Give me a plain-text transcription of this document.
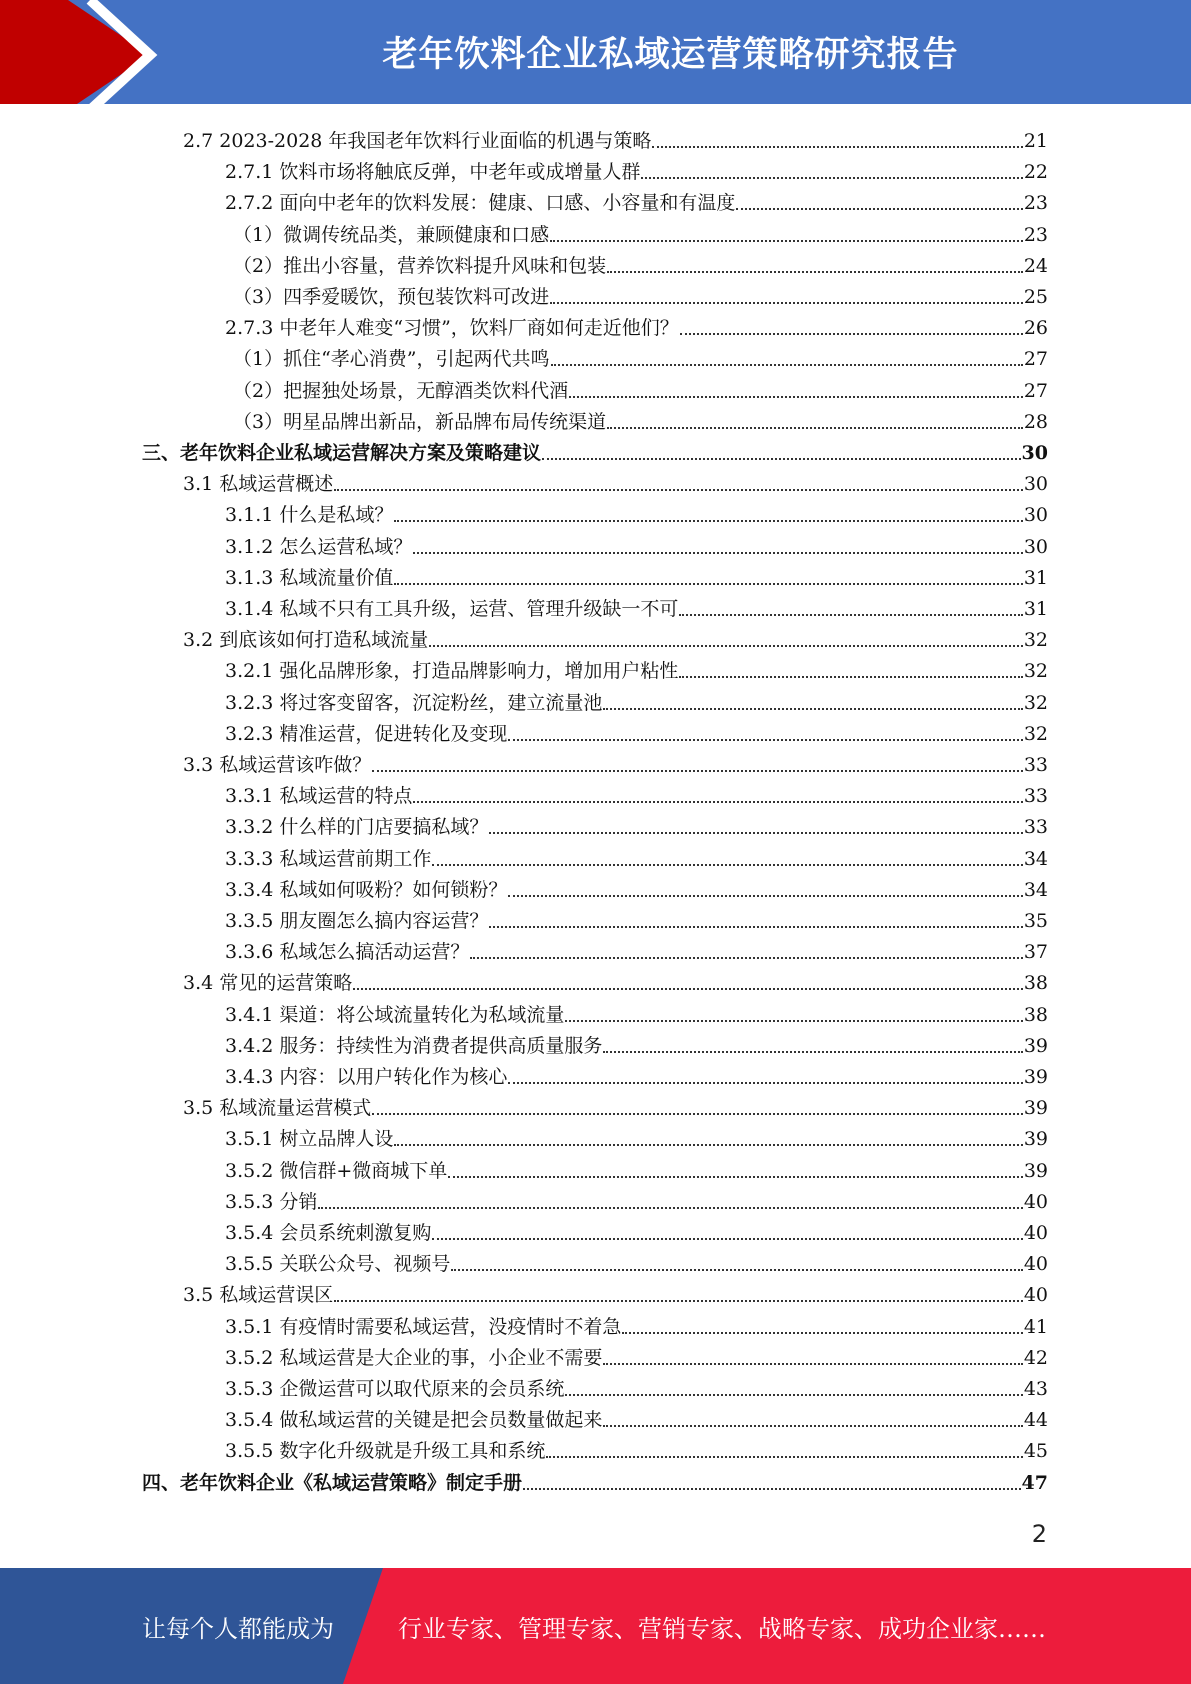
老年饮料企业私域运营策略研究报告
2.7 2023-2028 年我国老年饮料行业面临的机遇与策略	21
2.7.1 饮料市场将触底反弹，中老年或成增量人群	22
2.7.2 面向中老年的饮料发展：健康、口感、小容量和有温度	23
（1）微调传统品类，兼顾健康和口感	23
（2）推出小容量，营养饮料提升风味和包装	24
（3）四季爱暖饮，预包装饮料可改进	25
2.7.3 中老年人难变“习惯”，饮料厂商如何走近他们？	26
（1）抓住“孝心消费”，引起两代共鸣	27
（2）把握独处场景，无醇酒类饮料代酒	27
（3）明星品牌出新品，新品牌布局传统渠道	28
三、老年饮料企业私域运营解决方案及策略建议	30
3.1 私域运营概述	30
3.1.1 什么是私域？	30
3.1.2 怎么运营私域？	30
3.1.3 私域流量价值	31
3.1.4 私域不只有工具升级，运营、管理升级缺一不可	31
3.2 到底该如何打造私域流量	32
3.2.1 强化品牌形象，打造品牌影响力，增加用户粘性	32
3.2.3 将过客变留客，沉淀粉丝，建立流量池	32
3.2.3 精准运营，促进转化及变现	32
3.3 私域运营该咋做？	33
3.3.1 私域运营的特点	33
3.3.2 什么样的门店要搞私域？	33
3.3.3 私域运营前期工作	34
3.3.4 私域如何吸粉？如何锁粉？	34
3.3.5 朋友圈怎么搞内容运营？	35
3.3.6 私域怎么搞活动运营？	37
3.4 常见的运营策略	38
3.4.1 渠道：将公域流量转化为私域流量	38
3.4.2 服务：持续性为消费者提供高质量服务	39
3.4.3 内容：以用户转化作为核心	39
3.5 私域流量运营模式	39
3.5.1 树立品牌人设	39
3.5.2 微信群+微商城下单	39
3.5.3 分销	40
3.5.4 会员系统刺激复购	40
3.5.5 关联公众号、视频号	40
3.5 私域运营误区	40
3.5.1 有疫情时需要私域运营，没疫情时不着急	41
3.5.2 私域运营是大企业的事，小企业不需要	42
3.5.3 企微运营可以取代原来的会员系统	43
3.5.4 做私域运营的关键是把会员数量做起来	44
3.5.5 数字化升级就是升级工具和系统	45
四、老年饮料企业《私域运营策略》制定手册	47
2
让每个人都能成为	行业专家、管理专家、营销专家、战略专家、成功企业家……
